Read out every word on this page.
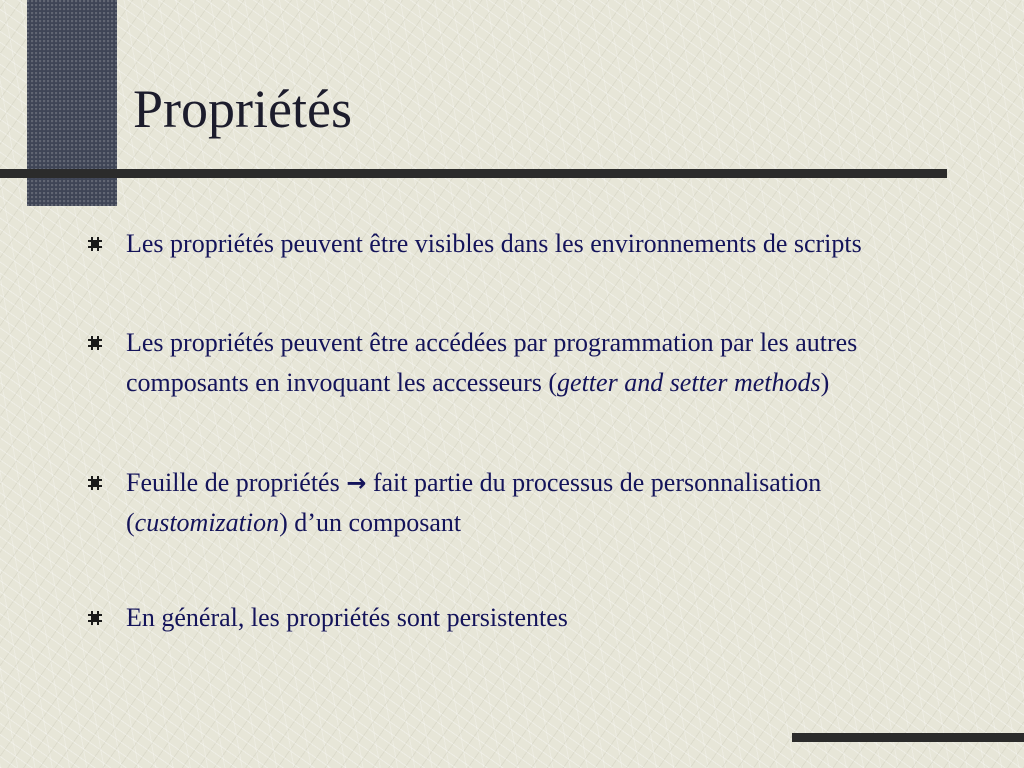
Propriétés
Les propriétés peuvent être visibles dans les environnements de scripts
Les propriétés peuvent être accédées par programmation par les autres composants en invoquant les accesseurs (getter and setter methods)
Feuille de propriétés → fait partie du processus de personnalisation (customization) d’un composant
En général, les propriétés sont persistentes
